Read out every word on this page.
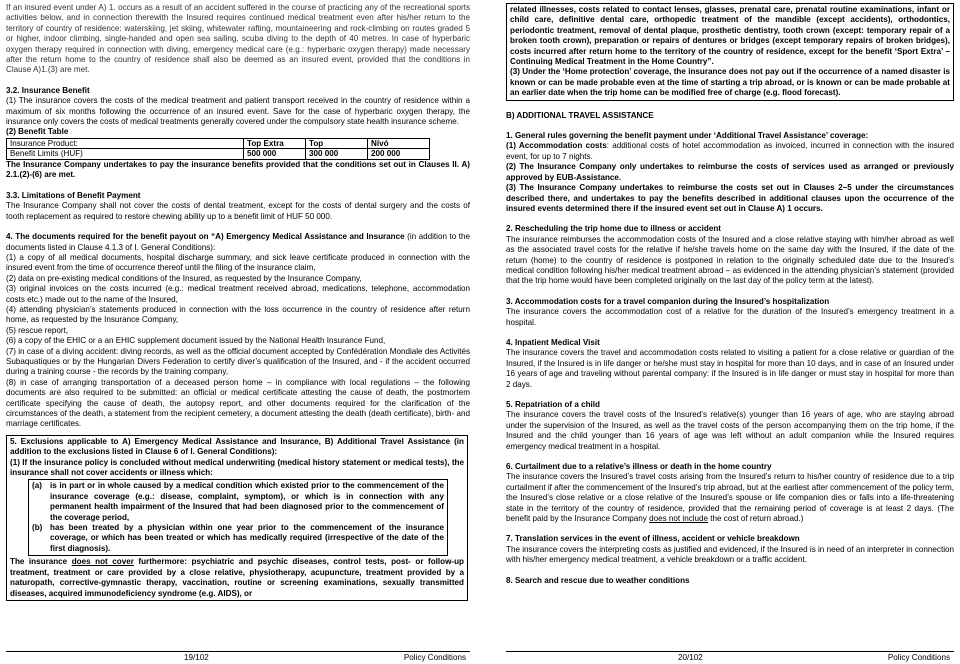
If an insured event under A) 1. occurs as a result of an accident suffered in the course of practicing any of the recreational sports activities below, and in connection therewith the Insured requires continued medical treatment even after his/her return to the territory of country of residence: waterskiing, jet skiing, whitewater rafting, mountaineering and rock-climbing on routes graded 5 or higher, indoor climbing, single-handed and open sea sailing, scuba diving to the depth of 40 metres. In case of hyperbaric oxygen therapy required in connection with diving, emergency medical care (e.g.: hyperbaric oxygen therapy) made necessary after the return home to the country of residence shall also be deemed as an insured event, provided that the conditions in Clause A)1.(3) are met.

3.2. Insurance Benefit

(1) The insurance covers the costs of the medical treatment and patient transport received in the country of residence within a maximum of six months following the occurrence of an insured event. Save for the case of hyperbaric oxygen therapy, the insurance only covers the costs of medical treatments generally covered under the compulsory state health insurance scheme.

(2) Benefit Table

Insurance Product:	Top Extra	Top	Nívó
Benefit Limits (HUF)	500 000	300 000	200 000

The Insurance Company undertakes to pay the insurance benefits provided that the conditions set out in Clauses II. A) 2.1.(2)-(6) are met.

3.3. Limitations of Benefit Payment

The Insurance Company shall not cover the costs of dental treatment, except for the costs of dental surgery and the costs of tooth replacement as required to restore chewing ability up to a benefit limit of HUF 50 000.

4. The documents required for the benefit payout on “A) Emergency Medical Assistance and Insurance (in addition to the documents listed in Clause 4.1.3 of I. General Conditions):

(1) a copy of all medical documents, hospital discharge summary, and sick leave certificate produced in connection with the insured event from the time of occurrence thereof until the filing of the insurance claim,

(2) data on pre-existing medical conditions of the Insured, as requested by the Insurance Company,

(3) original invoices on the costs incurred (e.g.: medical treatment received abroad, medications, telephone, accommodation costs etc.) made out to the name of the Insured,

(4) attending physician’s statements produced in connection with the loss occurrence in the country of residence after return home, as requested by the Insurance Company,

(5) rescue report,

(6) a copy of the EHIC or a an EHIC supplement document issued by the National Health Insurance Fund,

(7) in case of a diving accident: diving records, as well as the official document accepted by Confédération Mondiale des Activités Subaquatiques or by the Hungarian Divers Federation to certify diver’s qualification of the Insured, and - if the accident occurred during a training course - the records by the training company,

(8) in case of arranging transportation of a deceased person home – in compliance with local regulations – the following documents are also required to be submitted: an official or medical certificate attesting the cause of death, the postmortem certificate specifying the cause of death, the autopsy report, and other documents required for the clarification of the circumstances of the death, a statement from the recipient cemetery, a document attesting the death (death certificate), birth- and marriage certificates.

5. Exclusions applicable to A) Emergency Medical Assistance and Insurance, B) Additional Travel Assistance (in addition to the exclusions listed in Clause 6 of I. General Conditions):

(1) If the insurance policy is concluded without medical underwriting (medical history statement or medical tests), the insurance shall not cover accidents or illness which:

(a) is in part or in whole caused by a medical condition which existed prior to the commencement of the insurance coverage (e.g.: disease, complaint, symptom), or which is in connection with any permanent health impairment of the Insured that had been diagnosed prior to the commencement of the coverage period,

(b) has been treated by a physician within one year prior to the commencement of the insurance coverage, or which has been treated or which has medically required (irrespective of the date of the first diagnosis).

The insurance does not cover furthermore: psychiatric and psychic diseases, control tests, post- or follow-up treatment, treatment or care provided by a close relative, physiotherapy, acupuncture, treatment provided by a naturopath, corrective-gymnastic therapy, vaccination, routine or screening examinations, sexually transmitted diseases, acquired immunodeficiency syndrome (e.g. AIDS), or

19/102	Policy Conditions

related illnesses, costs related to contact lenses, glasses, prenatal care, prenatal routine examinations, infant or child care, definitive dental care, orthopedic treatment of the mandible (except accidents), orthodontics, periodontic treatment, removal of dental plaque, prosthetic dentistry, tooth crown (except: temporary repair of a broken tooth crown), preparation or repairs of dentures or bridges (except temporary repairs of broken bridges), costs incurred after return home to the territory of the country of residence, except for the benefit ‘Sport Extra’ – Continuing Medical Treatment in the Home Country”.

(3) Under the ‘Home protection’ coverage, the insurance does not pay out if the occurrence of a named disaster is known or can be made probable even at the time of starting a trip abroad, or is known or can be made probable at an earlier date when the trip home can be modified free of charge (e.g. flood forecast).

B) ADDITIONAL TRAVEL ASSISTANCE

1. General rules governing the benefit payment under ‘Additional Travel Assistance’ coverage:

(1) Accommodation costs: additional costs of hotel accommodation as invoiced, incurred in connection with the insured event, for up to 7 nights.

(2) The Insurance Company only undertakes to reimburse the costs of services used as arranged or previously approved by EUB-Assistance.

(3) The Insurance Company undertakes to reimburse the costs set out in Clauses 2–5 under the circumstances described there, and undertakes to pay the benefits described in additional clauses upon the occurrence of the insured events determined there if the insured event set out in Clause A) 1 occurs.

2. Rescheduling the trip home due to illness or accident

The insurance reimburses the accommodation costs of the Insured and a close relative staying with him/her abroad as well as the associated travel costs for the relative if he/she travels home on the same day with the Insured, if the date of the return (home) to the country of residence is postponed in relation to the originally scheduled date due to the Insured’s medical condition following his/her medical treatment abroad – as evidenced in the attending physician’s statement (provided that the trip home would have been completed originally on the last day of the policy term at the latest).

3. Accommodation costs for a travel companion during the Insured’s hospitalization

The insurance covers the accommodation cost of a relative for the duration of the Insured’s emergency treatment in a hospital.

4. Inpatient Medical Visit

The insurance covers the travel and accommodation costs related to visiting a patient for a close relative or guardian of the Insured, if the Insured is in life danger or he/she must stay in hospital for more than 10 days, and in case of an Insured under 16 years of age and traveling without parental company: if the Insured is in life danger or must stay in hospital for more than 2 days.

5. Repatriation of a child

The insurance covers the travel costs of the Insured’s relative(s) younger than 16 years of age, who are staying abroad under the supervision of the Insured, as well as the travel costs of the person accompanying them on the trip home, if the Insured and the child younger than 16 years of age was left without an adult companion while the Insured requires emergency medical treatment in a hospital.

6. Curtailment due to a relative’s illness or death in the home country

The insurance covers the Insured’s travel costs arising from the Insured’s return to his/her country of residence due to a trip curtailment if after the commencement of the Insured’s trip abroad, but at the earliest after commencement of the policy term, the Insured’s close relative or a close relative of the Insured’s spouse or life companion dies or falls into a life-threatening state in the territory of the country of residence, provided that the remaining period of coverage is at least 2 days. (The benefit paid by the Insurance Company does not include the cost of return abroad.)

7. Translation services in the event of illness, accident or vehicle breakdown

The insurance covers the interpreting costs as justified and evidenced, if the Insured is in need of an interpreter in connection with his/her emergency medical treatment, a vehicle breakdown or a traffic accident.

8. Search and rescue due to weather conditions

20/102	Policy Conditions
